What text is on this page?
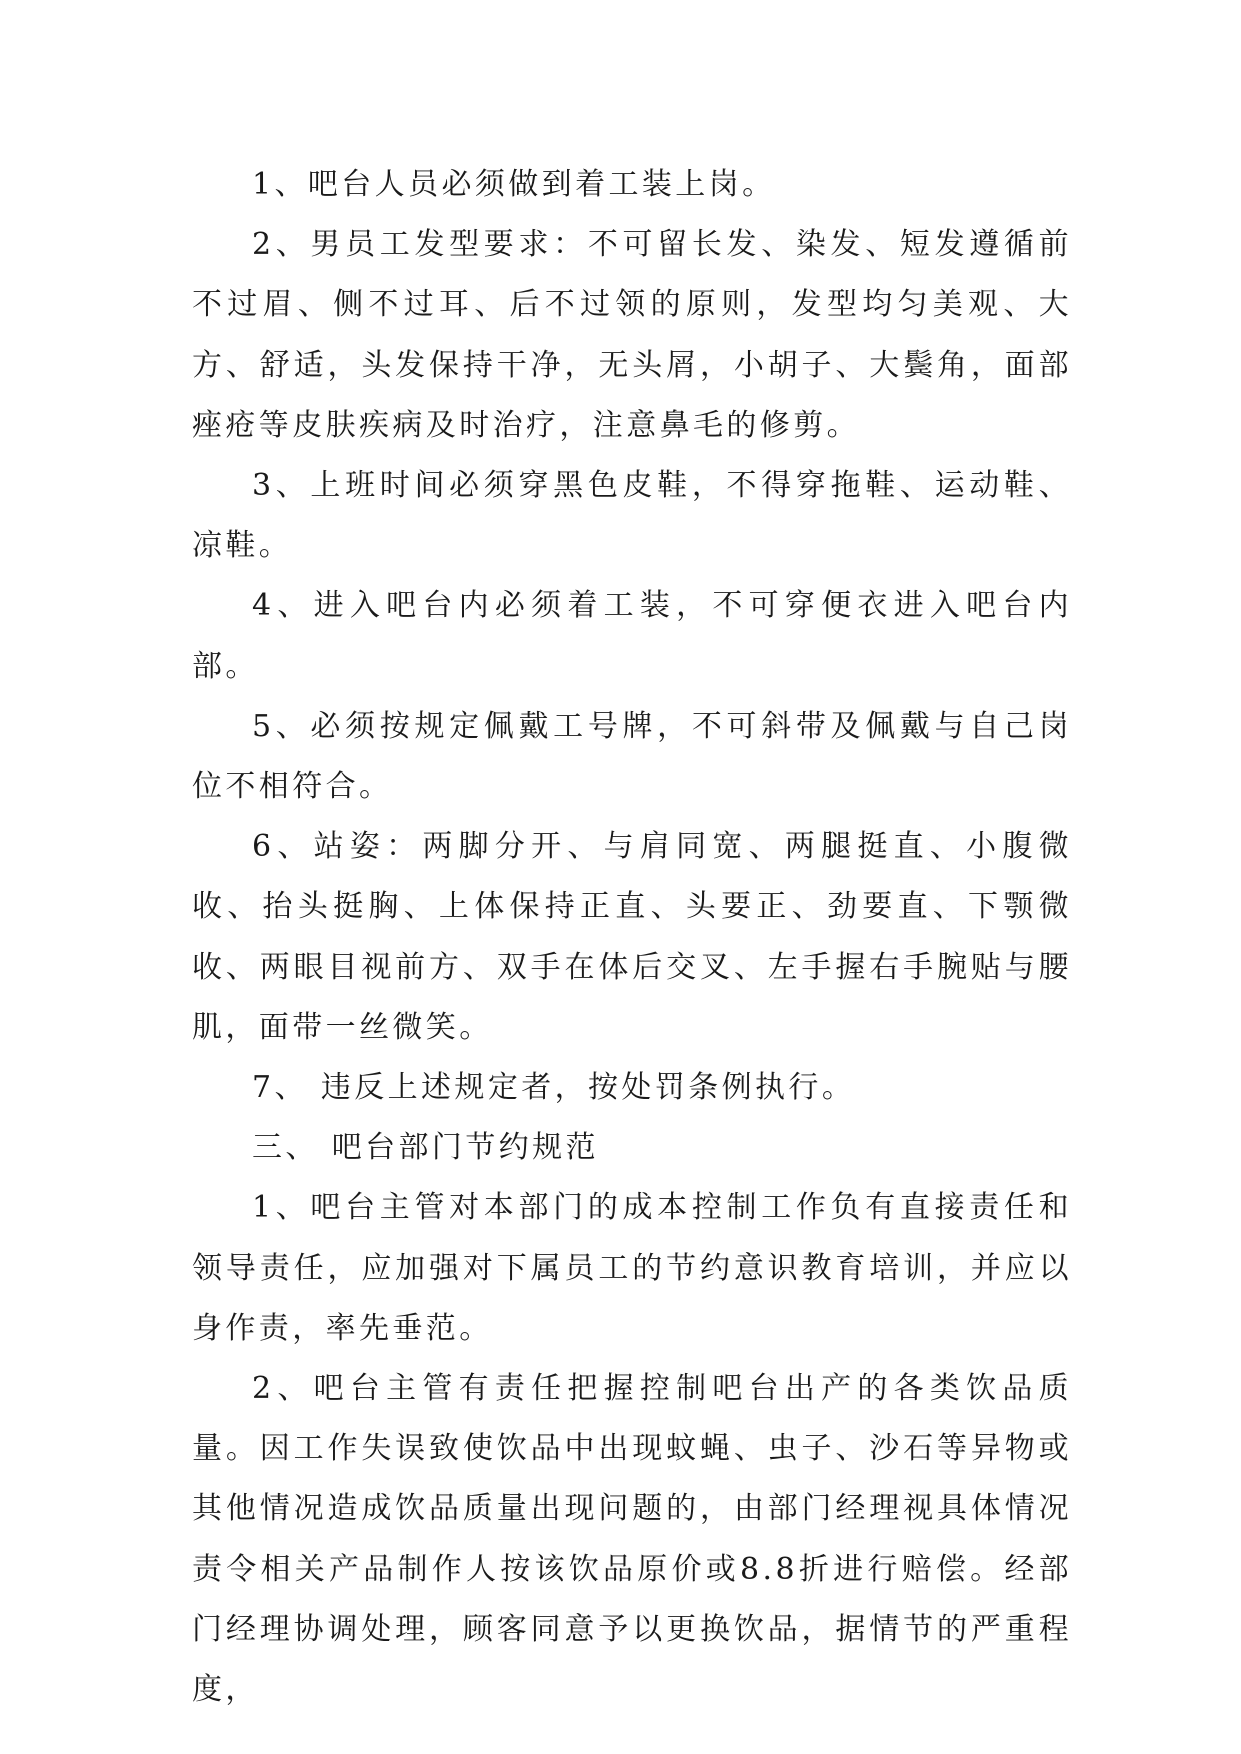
1、吧台人员必须做到着工装上岗。

2、男员工发型要求：不可留长发、染发、短发遵循前不过眉、侧不过耳、后不过领的原则，发型均匀美观、大方、舒适，头发保持干净，无头屑，小胡子、大鬓角，面部痤疮等皮肤疾病及时治疗，注意鼻毛的修剪。

3、上班时间必须穿黑色皮鞋，不得穿拖鞋、运动鞋、凉鞋。

4、进入吧台内必须着工装，不可穿便衣进入吧台内部。

5、必须按规定佩戴工号牌，不可斜带及佩戴与自己岗位不相符合。

6、站姿：两脚分开、与肩同宽、两腿挺直、小腹微收、抬头挺胸、上体保持正直、头要正、劲要直、下颚微收、两眼目视前方、双手在体后交叉、左手握右手腕贴与腰肌，面带一丝微笑。

7、 违反上述规定者，按处罚条例执行。

三、 吧台部门节约规范

1、吧台主管对本部门的成本控制工作负有直接责任和领导责任，应加强对下属员工的节约意识教育培训，并应以身作责，率先垂范。

2、吧台主管有责任把握控制吧台出产的各类饮品质量。因工作失误致使饮品中出现蚊蝇、虫子、沙石等异物或其他情况造成饮品质量出现问题的，由部门经理视具体情况责令相关产品制作人按该饮品原价或8.8折进行赔偿。经部门经理协调处理，顾客同意予以更换饮品，据情节的严重程度，
